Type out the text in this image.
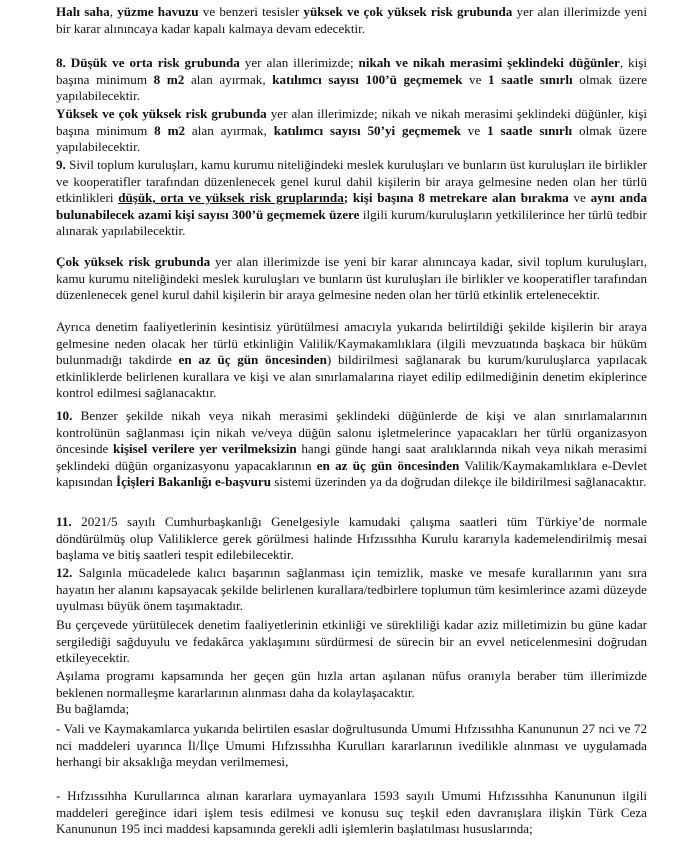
Halı saha, yüzme havuzu ve benzeri tesisler yüksek ve çok yüksek risk grubunda yer alan illerimizde yeni bir karar alınıncaya kadar kapalı kalmaya devam edecektir.

8. Düşük ve orta risk grubunda yer alan illerimizde; nikah ve nikah merasimi şeklindeki düğünler, kişi başına minimum 8 m2 alan ayırmak, katılımcı sayısı 100’ü geçmemek ve 1 saatle sınırlı olmak üzere yapılabilecektir.

Yüksek ve çok yüksek risk grubunda yer alan illerimizde; nikah ve nikah merasimi şeklindeki düğünler, kişi başına minimum 8 m2 alan ayırmak, katılımcı sayısı 50’yi geçmemek ve 1 saatle sınırlı olmak üzere yapılabilecektir.

9. Sivil toplum kuruluşları, kamu kurumu niteliğindeki meslek kuruluşları ve bunların üst kuruluşları ile birlikler ve kooperatifler tarafından düzenlenecek genel kurul dahil kişilerin bir araya gelmesine neden olan her türlü etkinlikleri düşük, orta ve yüksek risk gruplarında; kişi başına 8 metrekare alan bırakma ve aynı anda bulunabilecek azami kişi sayısı 300’ü geçmemek üzere ilgili kurum/kuruluşların yetkililerince her türlü tedbir alınarak yapılabilecektir.

Çok yüksek risk grubunda yer alan illerimizde ise yeni bir karar alınıncaya kadar, sivil toplum kuruluşları, kamu kurumu niteliğindeki meslek kuruluşları ve bunların üst kuruluşları ile birlikler ve kooperatifler tarafından düzenlenecek genel kurul dahil kişilerin bir araya gelmesine neden olan her türlü etkinlik ertelenecektir.

Ayrıca denetim faaliyetlerinin kesintisiz yürütülmesi amacıyla yukarıda belirtildiği şekilde kişilerin bir araya gelmesine neden olacak her türlü etkinliğin Valilik/Kaymakamlıklara (ilgili mevzuatında başkaca bir hüküm bulunmadığı takdirde en az üç gün öncesinden) bildirilmesi sağlanarak bu kurum/kuruluşlarca yapılacak etkinliklerde belirlenen kurallara ve kişi ve alan sınırlamalarına riayet edilip edilmediğinin denetim ekiplerince kontrol edilmesi sağlanacaktır.

10. Benzer şekilde nikah veya nikah merasimi şeklindeki düğünlerde de kişi ve alan sınırlamalarının kontrolünün sağlanması için nikah ve/veya düğün salonu işletmelerince yapacakları her türlü organizasyon öncesinde kişisel verilere yer verilmeksizin hangi günde hangi saat aralıklarında nikah veya nikah merasimi şeklindeki düğün organizasyonu yapacaklarının en az üç gün öncesinden Valilik/Kaymakamlıklara e-Devlet kapısından İçişleri Bakanlığı e-başvuru sistemi üzerinden ya da doğrudan dilekçe ile bildirilmesi sağlanacaktır.

11. 2021/5 sayılı Cumhurbaşkanlığı Genelgesiyle kamudaki çalışma saatleri tüm Türkiye’de normale döndürülmüş olup Valiliklerce gerek görülmesi halinde Hıfzıssıhha Kurulu kararıyla kademelendirilmiş mesai başlama ve bitiş saatleri tespit edilebilecektir.

12. Salgınla mücadelede kalıcı başarının sağlanması için temizlik, maske ve mesafe kurallarının yanı sıra hayatın her alanını kapsayacak şekilde belirlenen kurallara/tedbirlere toplumun tüm kesimlerince azami düzeyde uyulması büyük önem taşımaktadır.

Bu çerçevede yürütülecek denetim faaliyetlerinin etkinliği ve sürekliliği kadar aziz milletimizin bu güne kadar sergilediği sağduyulu ve fedakârca yaklaşımını sürdürmesi de sürecin bir an evvel neticelenmesini doğrudan etkileyecektir.

Aşılama programı kapsamında her geçen gün hızla artan aşılanan nüfus oranıyla beraber tüm illerimizde beklenen normalleşme kararlarının alınması daha da kolaylaşacaktır.

Bu bağlamda;

- Vali ve Kaymakamlarca yukarıda belirtilen esaslar doğrultusunda Umumi Hıfzıssıhha Kanununun 27 nci ve 72 nci maddeleri uyarınca İl/İlçe Umumi Hıfzıssıhha Kurulları kararlarının ivedilikle alınması ve uygulamada herhangi bir aksaklığa meydan verilmemesi,

- Hıfzıssıhha Kurullarınca alınan kararlara uymayanlara 1593 sayılı Umumi Hıfzıssıhha Kanununun ilgili maddeleri gereğince idari işlem tesis edilmesi ve konusu suç teşkil eden davranışlara ilişkin Türk Ceza Kanununun 195 inci maddesi kapsamında gerekli adli işlemlerin başlatılması hususlarında;
